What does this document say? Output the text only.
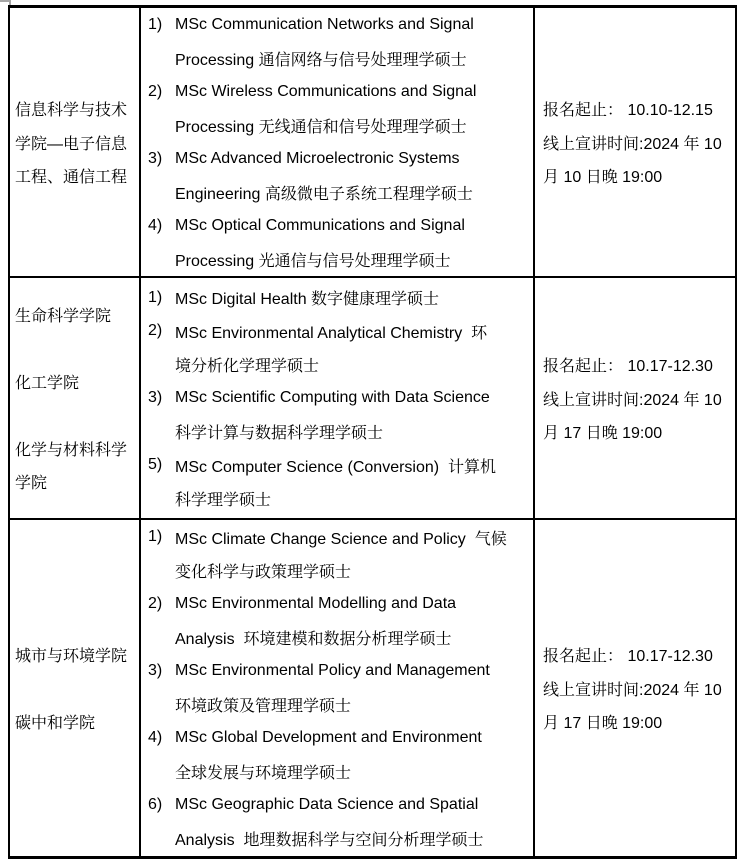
信息科学与技术
学院—电子信息
工程、通信工程
1) MSc Communication Networks and Signal
Processing 通信网络与信号处理理学硕士
2) MSc Wireless Communications and Signal
Processing 无线通信和信号处理理学硕士
3) MSc Advanced Microelectronic Systems
Engineering 高级微电子系统工程理学硕士
4) MSc Optical Communications and Signal
Processing 光通信与信号处理理学硕士
报名起止： 10.10-12.15
线上宣讲时间:2024 年 10
月 10 日晚 19:00
生命科学学院
化工学院
化学与材料科学
学院
1) MSc Digital Health 数字健康理学硕士
2) MSc Environmental Analytical Chemistry  环
境分析化学理学硕士
3) MSc Scientific Computing with Data Science
科学计算与数据科学理学硕士
5) MSc Computer Science (Conversion)  计算机
科学理学硕士
报名起止： 10.17-12.30
线上宣讲时间:2024 年 10
月 17 日晚 19:00
城市与环境学院
碳中和学院
1) MSc Climate Change Science and Policy  气候
变化科学与政策理学硕士
2) MSc Environmental Modelling and Data
Analysis  环境建模和数据分析理学硕士
3) MSc Environmental Policy and Management
环境政策及管理理学硕士
4) MSc Global Development and Environment
全球发展与环境理学硕士
6) MSc Geographic Data Science and Spatial
Analysis  地理数据科学与空间分析理学硕士
报名起止： 10.17-12.30
线上宣讲时间:2024 年 10
月 17 日晚 19:00
